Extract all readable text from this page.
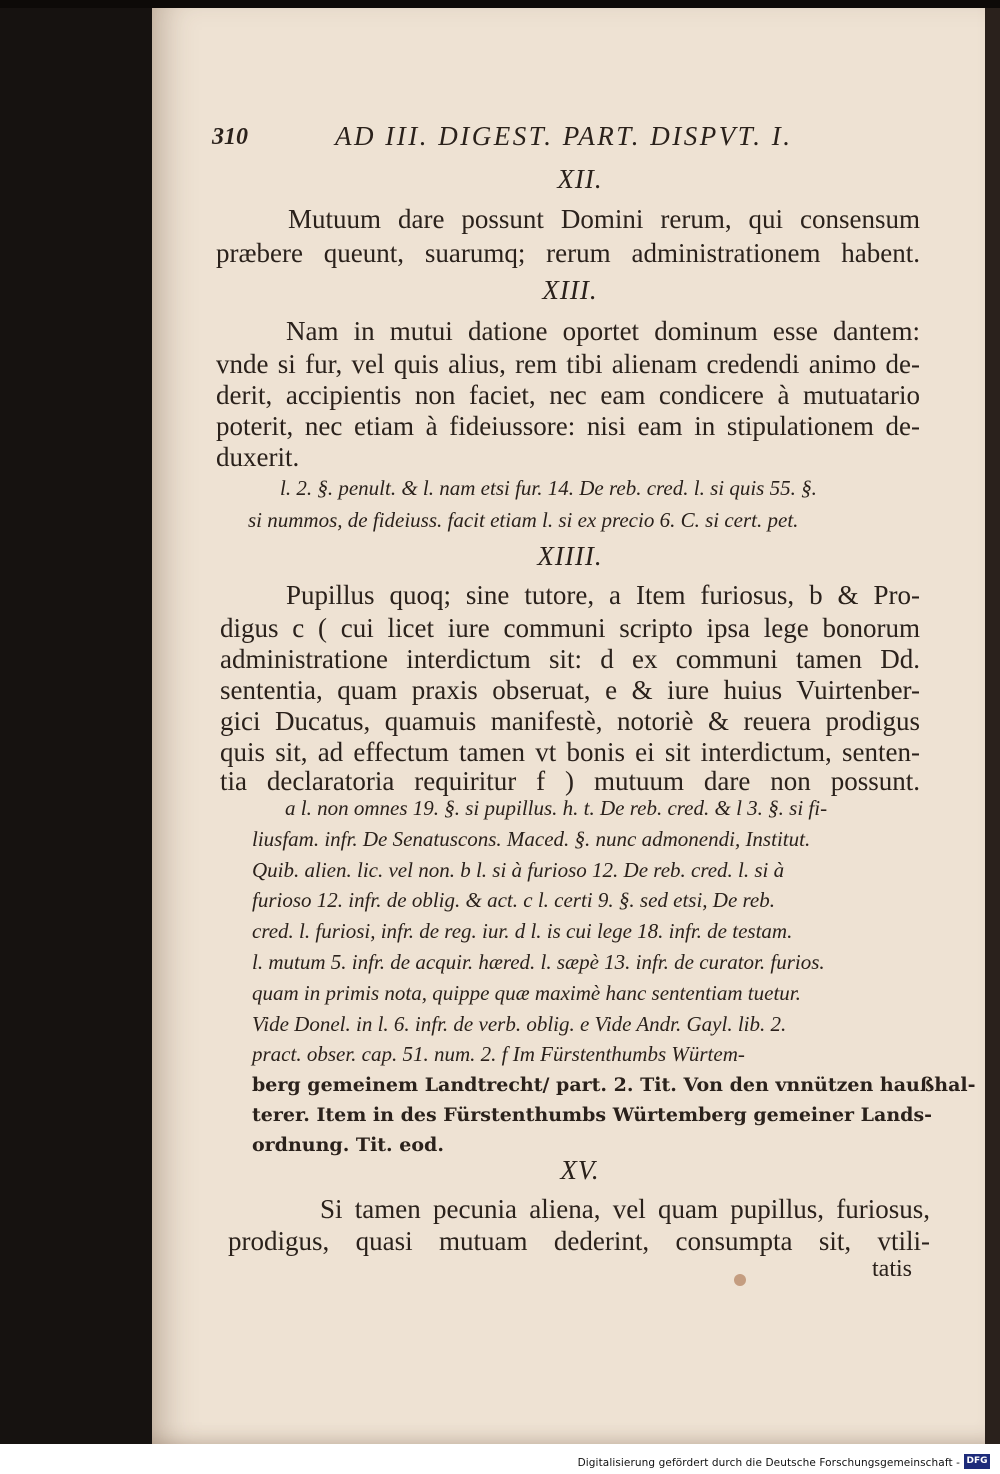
310	AD III. DIGEST. PART. DISPVT. I.
XII.
Mutuum dare possunt Domini rerum, qui consensum
præbere queunt, suarumq; rerum administrationem habent.
XIII.
Nam in mutui datione oportet dominum esse dantem:
vnde si fur, vel quis alius, rem tibi alienam credendi animo de-
derit, accipientis non faciet, nec eam condicere à mutuatario
poterit, nec etiam à fideiussore: nisi eam in stipulationem de-
duxerit.
l. 2. §. penult. & l. nam etsi fur. 14. De reb. cred. l. si quis 55. §.
si nummos, de fideiuss. facit etiam l. si ex precio 6. C. si cert. pet.
XIIII.
Pupillus quoq; sine tutore, a Item furiosus, b & Pro-
digus c ( cui licet iure communi scripto ipsa lege bonorum
administratione interdictum sit: d ex communi tamen Dd.
sententia, quam praxis obseruat, e & iure huius Vuirtenber-
gici Ducatus, quamuis manifestè, notoriè & reuera prodigus
quis sit, ad effectum tamen vt bonis ei sit interdictum, senten-
tia declaratoria requiritur f ) mutuum dare non possunt.
a l. non omnes 19. §. si pupillus. h. t. De reb. cred. & l 3. §. si fi-
liusfam. infr. De Senatuscons. Maced. §. nunc admonendi, Institut.
Quib. alien. lic. vel non. b l. si à furioso 12. De reb. cred. l. si à
furioso 12. infr. de oblig. & act. c l. certi 9. §. sed etsi, De reb.
cred. l. furiosi, infr. de reg. iur. d l. is cui lege 18. infr. de testam.
l. mutum 5. infr. de acquir. hæred. l. sæpè 13. infr. de curator. furios.
quam in primis nota, quippe quæ maximè hanc sententiam tuetur.
Vide Donel. in l. 6. infr. de verb. oblig. e Vide Andr. Gayl. lib. 2.
pract. obser. cap. 51. num. 2. f Im Fürstenthumbs Würtem-
berg gemeinem Landtrecht/ part. 2. Tit. Von den vnnützen haußhal-
terer. Item in des Fürstenthumbs Würtemberg gemeiner Lands-
ordnung. Tit. eod.
XV.
Si tamen pecunia aliena, vel quam pupillus, furiosus,
prodigus, quasi mutuam dederint, consumpta sit, vtili-
tatis
Digitalisierung gefördert durch die Deutsche Forschungsgemeinschaft - DFG
